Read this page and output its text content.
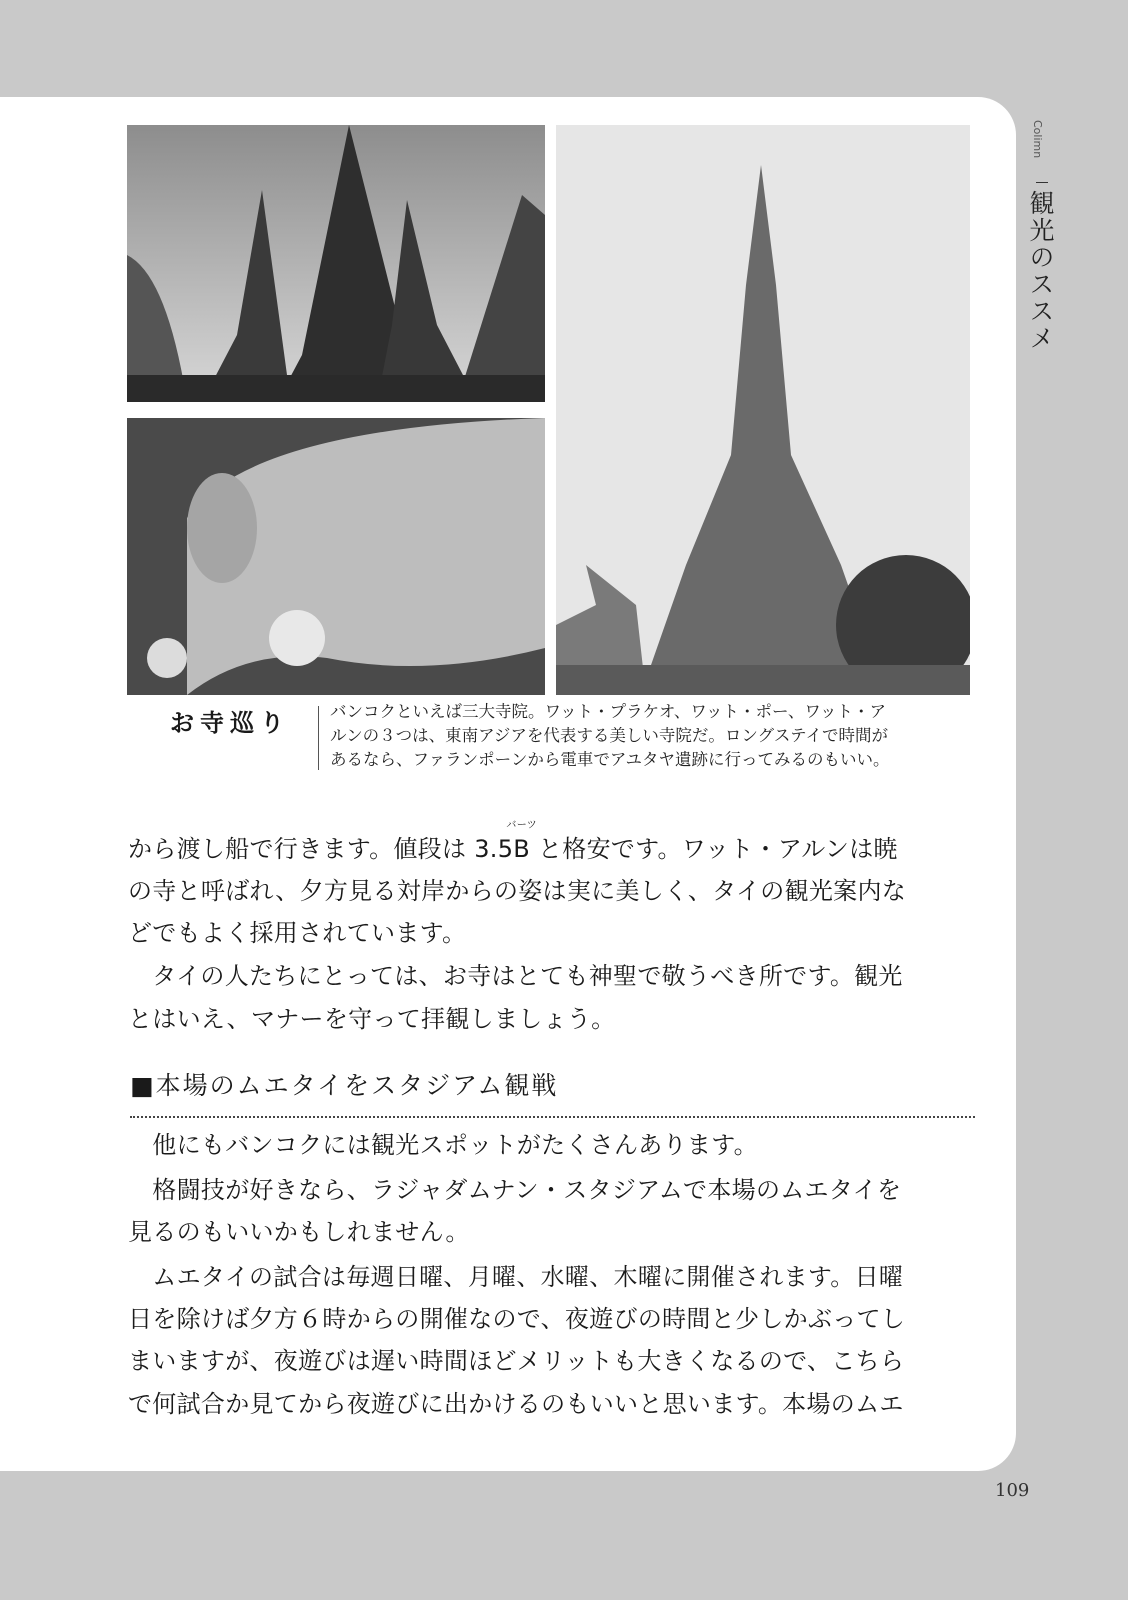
お寺巡り バンコクといえば三大寺院。ワット・プラケオ、ワット・ポー、ワット・ア
ルンの３つは、東南アジアを代表する美しい寺院だ。ロングステイで時間が
あるなら、ファランポーンから電車でアユタヤ遺跡に行ってみるのもいい。
から渡し船で行きます。値段は 3.5B
バーツ
と格安です。ワット・アルンは暁
の寺と呼ばれ、夕方見る対岸からの姿は実に美しく、タイの観光案内な
どでもよく採用されています。
　タイの人たちにとっては、お寺はとても神聖で敬うべき所です。観光
とはいえ、マナーを守って拝観しましょう。
■本場のムエタイをスタジアム観戦
　他にもバンコクには観光スポットがたくさんあります。
　格闘技が好きなら、ラジャダムナン・スタジアムで本場のムエタイを
見るのもいいかもしれません。
　ムエタイの試合は毎週日曜、月曜、水曜、木曜に開催されます。日曜
日を除けば夕方６時からの開催なので、夜遊びの時間と少しかぶってし
まいますが、夜遊びは遅い時間ほどメリットも大きくなるので、こちら
で何試合か見てから夜遊びに出かけるのもいいと思います。本場のムエ
Colimn
観光のススメ
109
